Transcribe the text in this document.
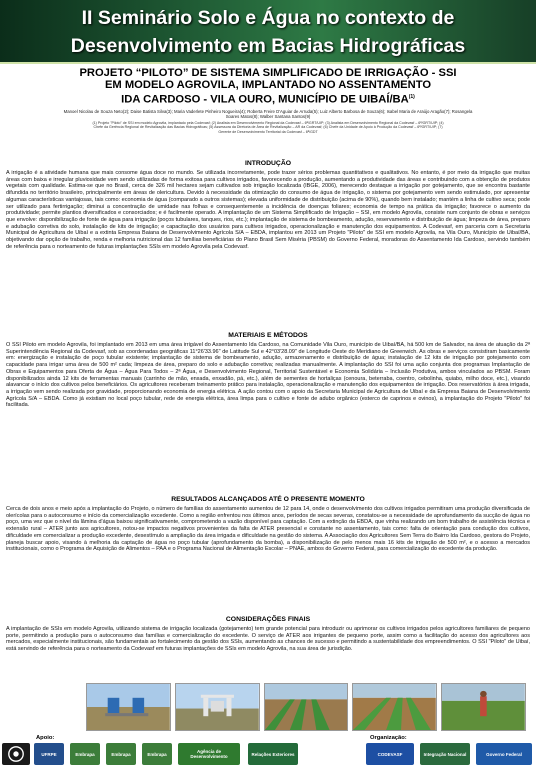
II Seminário Solo e Água no contexto de
Desenvolvimento em Bacias Hidrográficas
PROJETO “PILOTO” DE SISTEMA SIMPLIFICADO DE IRRIGAÇÃO - SSI
EM MODELO AGROVILA, IMPLANTADO NO ASSENTAMENTO
IDA CARDOSO - VILA OURO, MUNICÍPIO DE UIBAÍ/BA$^{(1)}$
Manoel Nicolau de Souza Neto(2); Daise Batista Silva(3); Maria Vaderlete Pinheiro Nogueira(4); Roberta Freire D'Aguiar de Arruda(5); Luiz Alberto Barbosa de Souza(6); Isabel Maria de Araújo Aragão(7); Rosangela Soares Matos(8); Walber Santana Santos(9)
(1) Projeto "Piloto" de SSI em modelo Agrovila, implantado pela Codevasf; (2) Analista em Desenvolvimento Regional da Codevasf – 6ª/GRT/UIP; (3) Analista em Desenvolvimento Regional da Codevasf – 6ª/GRT/UIP; (4) Chefe da Gerência Regional de Revitalização das Bacias Hidrográficas; (5) Assessora da Diretoria de Área de Revitalização – AR da Codevasf; (6) Chefe da Unidade de Apoio à Produção da Codevasf – 6ª/GRT/UIP; (7) Gerente de Desenvolvimento Territorial da Codevasf – 6ª/GDT
INTRODUÇÃO
A irrigação é a atividade humana que mais consome água doce no mundo. Se utilizada incorretamente, pode trazer sérios problemas quantitativos e qualitativos. No entanto, é por meio da irrigação que muitas áreas com baixa e irregular pluviosidade vem sendo utilizadas de forma exitosa para cultivos irrigados, favorecendo a produção, aumentando a produtividade das áreas e contribuindo com a obtenção de produtos vegetais com qualidade. Estima-se que no Brasil, cerca de 326 mil hectares sejam cultivados sob irrigação localizada (IBGE, 2006), merecendo destaque a irrigação por gotejamento, que se encontra bastante difundida no território brasileiro, principalmente em áreas de olericultura. Devido à necessidade da otimização do consumo de água de irrigação, o sistema por gotejamento vem sendo estimulado, por apresentar algumas características vantajosas, tais como: economia de água (comparado a outros sistemas); elevada uniformidade de distribuição (acima de 90%), quando bem instalado; mantém a linha de cultivo seca; pode ser utilizado para fertirrigação; diminui a concentração de umidade nas folhas e consequentemente a incidência de doenças foliares; economia de tempo na prática da irrigação; favorece o aumento da produtividade; permite plantios diversificados e consorciados; e é facilmente operado. A implantação de um Sistema Simplificado de Irrigação – SSI, em modelo Agrovila, consiste num conjunto de obras e serviços que envolve: disponibilização de fonte de água para irrigação (poços tubulares, tanques, rios, etc.); implantação de sistema de bombeamento, adução, reservamento e distribuição de água; limpeza de área, preparo e adubação corretiva do solo, instalação de kits de irrigação; e capacitação dos usuários para cultivos irrigados, operacionalização e manutenção dos equipamentos. A Codevasf, em parceria com a Secretaria Municipal de Agricultura de Uibaí e a extinta Empresa Baiana de Desenvolvimento Agrícola S/A – EBDA, implantou em 2013 um Projeto "Piloto" de SSI em modelo Agrovila, na Vila Ouro, Município de Uibaí/BA, objetivando dar opção de trabalho, renda e melhoria nutricional das 12 famílias beneficiárias do Plano Brasil Sem Miséria (PBSM) do Governo Federal, moradoras do Assentamento Ida Cardoso, servindo também de referência para o norteamento de futuras implantações SSIs em modelo Agrovila pela Codevasf.
MATERIAIS E MÉTODOS
O SSI Piloto em modelo Agrovila, foi implantado em 2013 em uma área irrigável do Assentamento Ida Cardoso, na Comunidade Vila Ouro, município de Uibaí/BA, há 500 km de Salvador, na área de atuação da 2ª Superintendência Regional da Codevasf, sob as coordenadas geográficas 11°26'33.96" de Latitude Sul e 42°03'28.09" de Longitude Oeste do Meridiano de Greenwich. As obras e serviços consistiram basicamente em: energização e instalação de poço tubular existente; implantação de sistema de bombeamento, adução, armazenamento e distribuição de água; instalação de 12 kits de irrigação por gotejamento com capacidade para irrigar uma área de 500 m² cada; limpeza de área, preparo do solo e adubação corretiva; realizadas manualmente. A implantação do SSI foi uma ação conjunta dos programas Implantação de Obras e Equipamentos para Oferta de Água – Água Para Todos – 2ª Água, e Desenvolvimento Regional, Territorial Sustentável e Economia Solidária – Inclusão Produtiva, ambos vinculados ao PBSM. Foram disponibilizados ainda 12 kits de ferramentas manuais (carrinho de mão, enxada, enxadão, pá, etc.), além de sementes de hortaliças (cenoura, beterraba, coentro, cebolinha, quiabo, milho doce, etc.), visando alavancar o início dos cultivos pelos beneficiários. Os agricultores receberam treinamento prático para instalação, operacionalização e manutenção dos equipamentos de irrigação. Dos reservatórios à área irrigada, a irrigação vem sendo realizada por gravidade, proporcionando economia de energia elétrica. A ação contou com o apoio da Secretaria Municipal de Agricultura de Uibaí e da Empresa Baiana de Desenvolvimento Agrícola S/A – EBDA. Como já existiam no local poço tubular, rede de energia elétrica, área limpa para o cultivo e fonte de adubo orgânico (esterco de caprinos e ovinos), a implantação do Projeto "Piloto" foi facilitada.
RESULTADOS ALCANÇADOS ATÉ O PRESENTE MOMENTO
Cerca de dois anos e meio após a implantação do Projeto, o número de famílias do assentamento aumentou de 12 para 14, onde o desenvolvimento dos cultivos irrigados permitiram uma produção diversificada de olerícolas para o autoconsumo e início da comercialização excedente. Como a região enfrentou nos últimos anos, períodos de secas severas, constatou-se a necessidade de aprofundamento da sucção de água no poço, uma vez que o nível da lâmina d'água baixou significativamente, comprometendo a vazão disponível para captação. Com a extinção da EBDA, que vinha realizando um bom trabalho de assistência técnica e extensão rural – ATER junto aos agricultores, notou-se impactos negativos provenientes da falta de ATER presencial e constante no assentamento, tais como: falta de orientação para condução dos cultivos, dificuldade em comercializar a produção excedente, desestímulo a ampliação da área irrigada e dificuldade na gestão do sistema. A Associação dos Agricultores Sem Terra do Bairro Ida Cardoso, gestora do Projeto, planeja buscar apoio, visando à melhoria da captação de água no poço tubular (aprofundamento da bomba), a disponibilização de pelo menos mais 16 kits de irrigação de 500 m², e o acesso a mercados institucionais, como o Programa de Aquisição de Alimentos – PAA e o Programa Nacional de Alimentação Escolar – PNAE, ambos do Governo Federal, para comercialização do excedente da produção.
CONSIDERAÇÕES FINAIS
A implantação de SSIs em modelo Agrovila, utilizando sistema de irrigação localizada (gotejamento) tem grande potencial para introduzir ou aprimorar os cultivos irrigados pelos agricultores familiares de pequeno porte, permitindo a produção para o autoconsumo das famílias e comercialização do excedente. O serviço de ATER aos irrigantes de pequeno porte, assim como a facilitação do acesso dos agricultores aos mercados, especialmente institucionais, são fundamentais ao fortalecimento da gestão dos SSIs, aumentando as chances de sucesso e permitindo a sustentabilidade dos empreendimentos. O SSI "Piloto" de Uibaí, está servindo de referência para o norteamento da Codevasf em futuras implantações de SSIs em modelo Agrovila, na sua área de jurisdição.
Apoio:	Organização:
UFRPE	Embrapa	Embrapa	Embrapa	Agência de Desenvolvimento	Relações Exteriores	CODEVASF	Integração Nacional	Governo Federal
